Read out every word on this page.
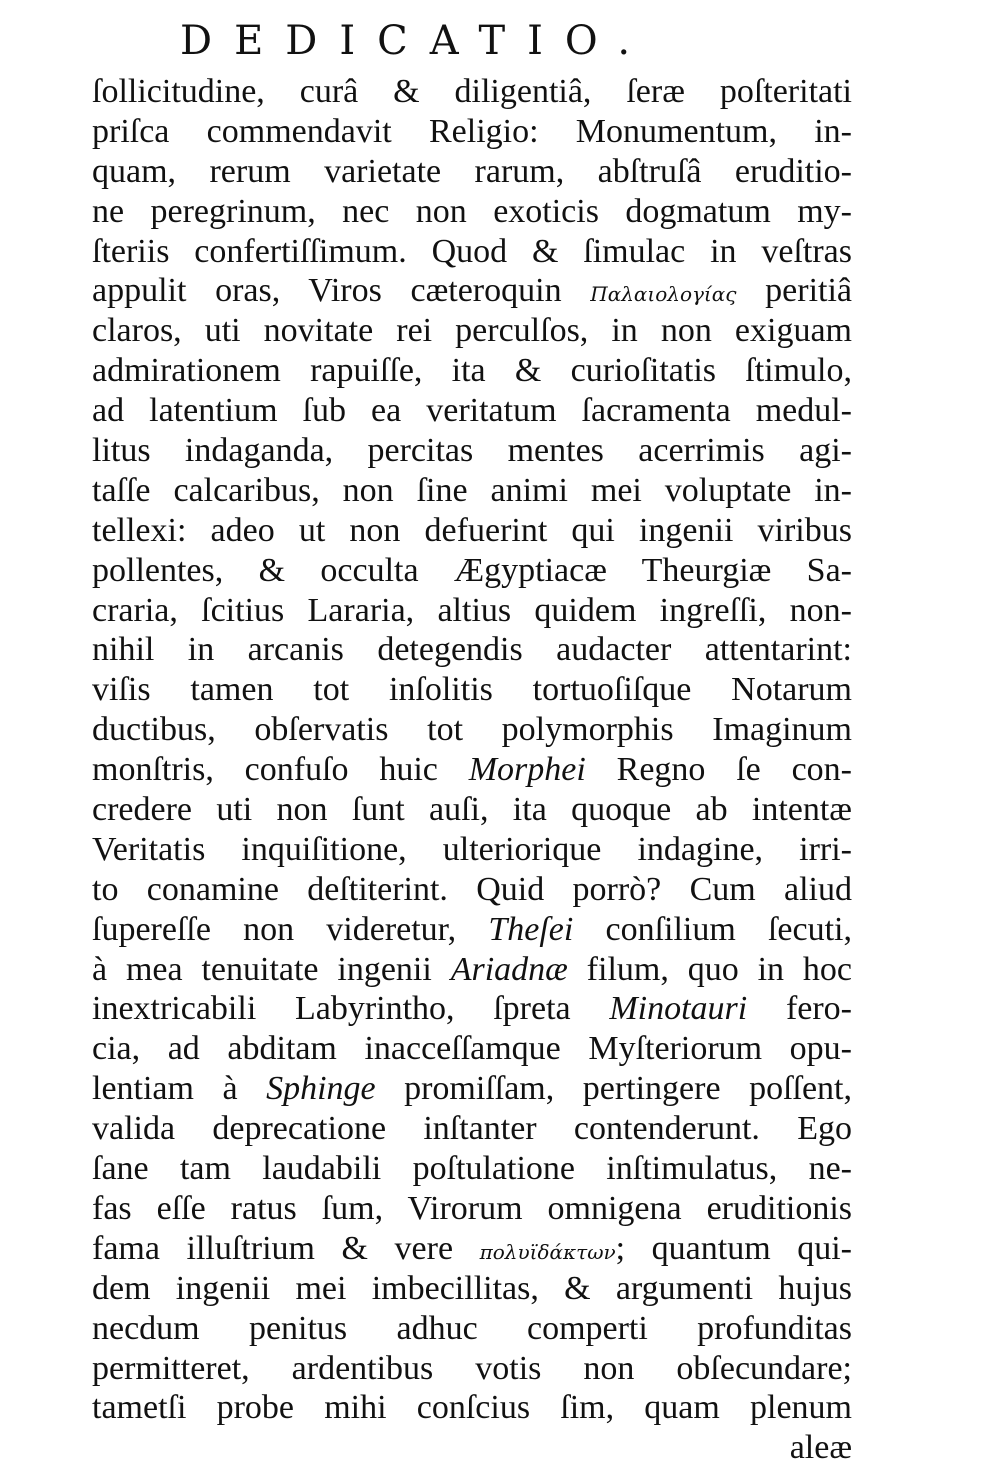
DEDICATIO.
ſollicitudine, curâ & diligentiâ, ſeræ poſteritati
priſca commendavit Religio: Monumentum, in-
quam, rerum varietate rarum, abſtruſâ eruditio-
ne peregrinum, nec non exoticis dogmatum my-
ſteriis confertiſſimum. Quod & ſimulac in veſtras
appulit oras, Viros cæteroquin Παλαιολογίας peritiâ
claros, uti novitate rei perculſos, in non exiguam
admirationem rapuiſſe, ita & curioſitatis ſtimulo,
ad latentium ſub ea veritatum ſacramenta medul-
litus indaganda, percitas mentes acerrimis agi-
taſſe calcaribus, non ſine animi mei voluptate in-
tellexi: adeo ut non defuerint qui ingenii viribus
pollentes, & occulta Ægyptiacæ Theurgiæ Sa-
craria, ſcitius Lararia, altius quidem ingreſſi, non-
nihil in arcanis detegendis audacter attentarint:
viſis tamen tot inſolitis tortuoſiſque Notarum
ductibus, obſervatis tot polymorphis Imaginum
monſtris, confuſo huic Morphei Regno ſe con-
credere uti non ſunt auſi, ita quoque ab intentæ
Veritatis inquiſitione, ulteriorique indagine, irri-
to conamine deſtiterint. Quid porrò? Cum aliud
ſupereſſe non videretur, Theſei conſilium ſecuti,
à mea tenuitate ingenii Ariadnæ filum, quo in hoc
inextricabili Labyrintho, ſpreta Minotauri fero-
cia, ad abditam inacceſſamque Myſteriorum opu-
lentiam à Sphinge promiſſam, pertingere poſſent,
valida deprecatione inſtanter contenderunt. Ego
ſane tam laudabili poſtulatione inſtimulatus, ne-
fas eſſe ratus ſum, Virorum omnigena eruditionis
fama illuſtrium & vere πολυϊδάκτων; quantum qui-
dem ingenii mei imbecillitas, & argumenti hujus
necdum penitus adhuc comperti profunditas
permitteret, ardentibus votis non obſecundare;
tametſi probe mihi conſcius ſim, quam plenum
aleæ
